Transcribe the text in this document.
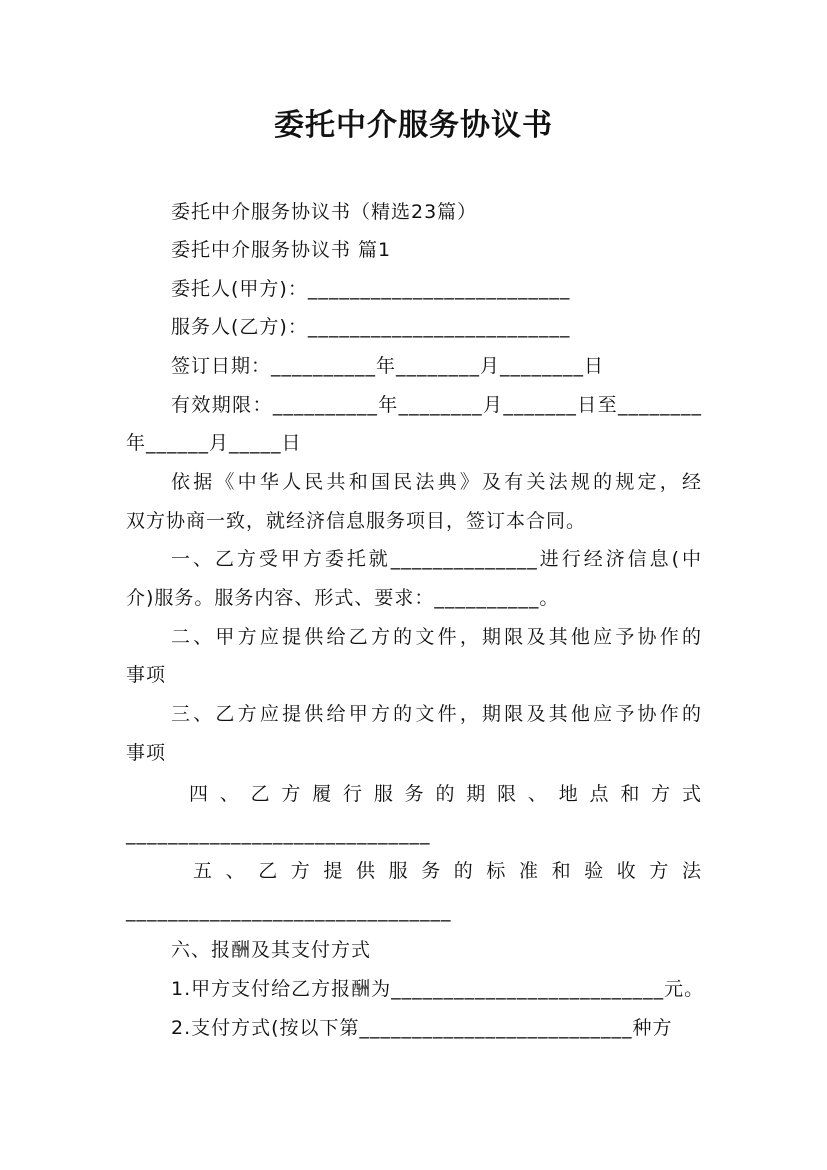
委托中介服务协议书
委托中介服务协议书（精选23篇）
委托中介服务协议书 篇1
委托人(甲方)：_________________________
服务人(乙方)：_________________________
签订日期：__________年________月________日
有效期限：__________年________月_______日至________
年______月_____日
依据《中华人民共和国民法典》及有关法规的规定，经
双方协商一致，就经济信息服务项目，签订本合同。
一、乙方受甲方委托就______________进行经济信息(中
介)服务。服务内容、形式、要求：__________。
二、甲方应提供给乙方的文件，期限及其他应予协作的
事项
三、乙方应提供给甲方的文件，期限及其他应予协作的
事项
四、乙方履行服务的期限、地点和方式
_____________________________
五、乙方提供服务的标准和验收方法
_______________________________
六、报酬及其支付方式
1.甲方支付给乙方报酬为__________________________元。
2.支付方式(按以下第__________________________种方
